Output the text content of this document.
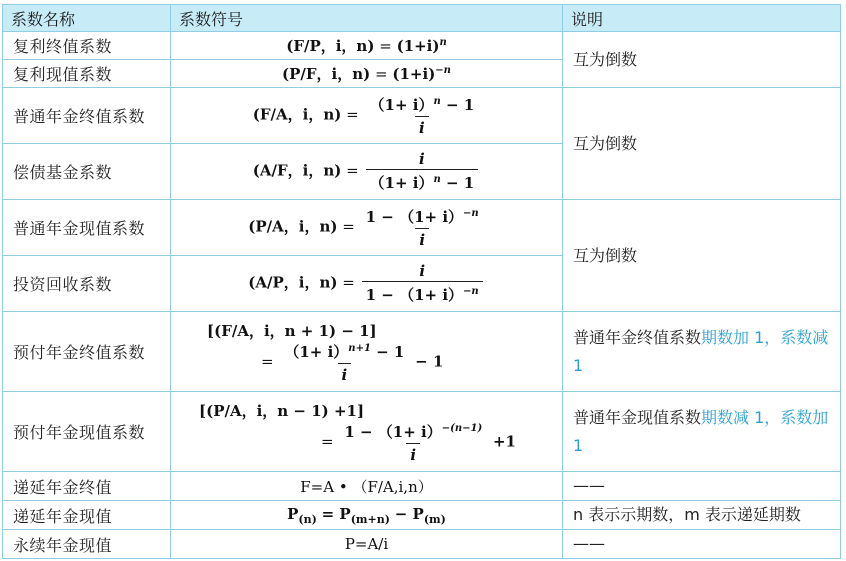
系数名称	系数符号	说明
复利终值系数	(F/P，i，$n) = (1+i)^n$	互为倒数
复利现值系数	(P/F，i，$n) = (1+i)^{-n}$
普通年金终值系数	(F/A，i，$n) = \frac{(1+ i)^n - 1}{i}$	互为倒数
偿债基金系数	(A/F，i，$n) = \frac{i}{(1+ i)^n - 1}$

普通年金现值系数	(P/A，i，$n) = \frac{1 - (1+ i)^{-n}}{i}$	互为倒数
投资回收系数	(A/P，i，$n) = \frac{i}{1 - (1+ i)^{-n}}$

预付年金终值系数	[(F/A，i，n + 1) − 1]
= $\frac{(1+ i)^{n+1} - 1}{i} - 1$	普通年金终值系数期数加 1，系数减 1
预付年金现值系数	[(P/A，i，n − 1) +1]
= $\frac{1 - (1+ i)^{-(n-1)}}{i} +1$	普通年金现值系数期数减 1，系数加 1
递延年金终值	F=A • （F/A,i,n）	——
递延年金现值	$P_{(n)} = P_{(m+n)} - P_{(m)}$	n 表示示期数，m 表示递延期数
永续年金现值	P=A/i	——
